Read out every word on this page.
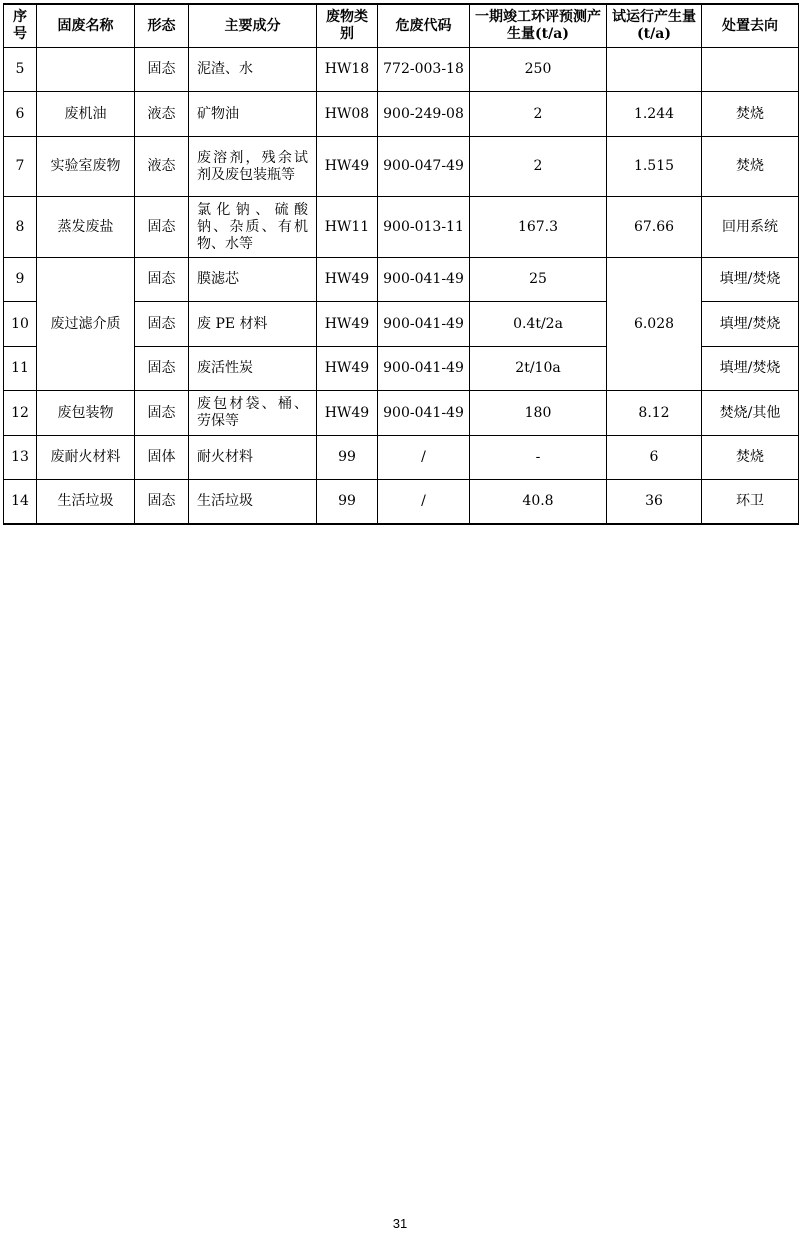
序号	固废名称	形态	主要成分	废物类别	危废代码	一期竣工环评预测产生量(t/a)	试运行产生量(t/a)	处置去向
5		固态	泥渣、水	HW18	772-003-18	250		
6	废机油	液态	矿物油	HW08	900-249-08	2	1.244	焚烧
7	实验室废物	液态	废溶剂，残余试剂及废包装瓶等	HW49	900-047-49	2	1.515	焚烧
8	蒸发废盐	固态	氯化钠、硫酸钠、杂质、有机物、水等	HW11	900-013-11	167.3	67.66	回用系统
9	废过滤介质	固态	膜滤芯	HW49	900-041-49	25	6.028	填埋/焚烧
10		固态	废 PE 材料	HW49	900-041-49	0.4t/2a		填埋/焚烧
11		固态	废活性炭	HW49	900-041-49	2t/10a		填埋/焚烧
12	废包装物	固态	废包材袋、桶、劳保等	HW49	900-041-49	180	8.12	焚烧/其他
13	废耐火材料	固体	耐火材料	99	/	-	6	焚烧
14	生活垃圾	固态	生活垃圾	99	/	40.8	36	环卫
31
